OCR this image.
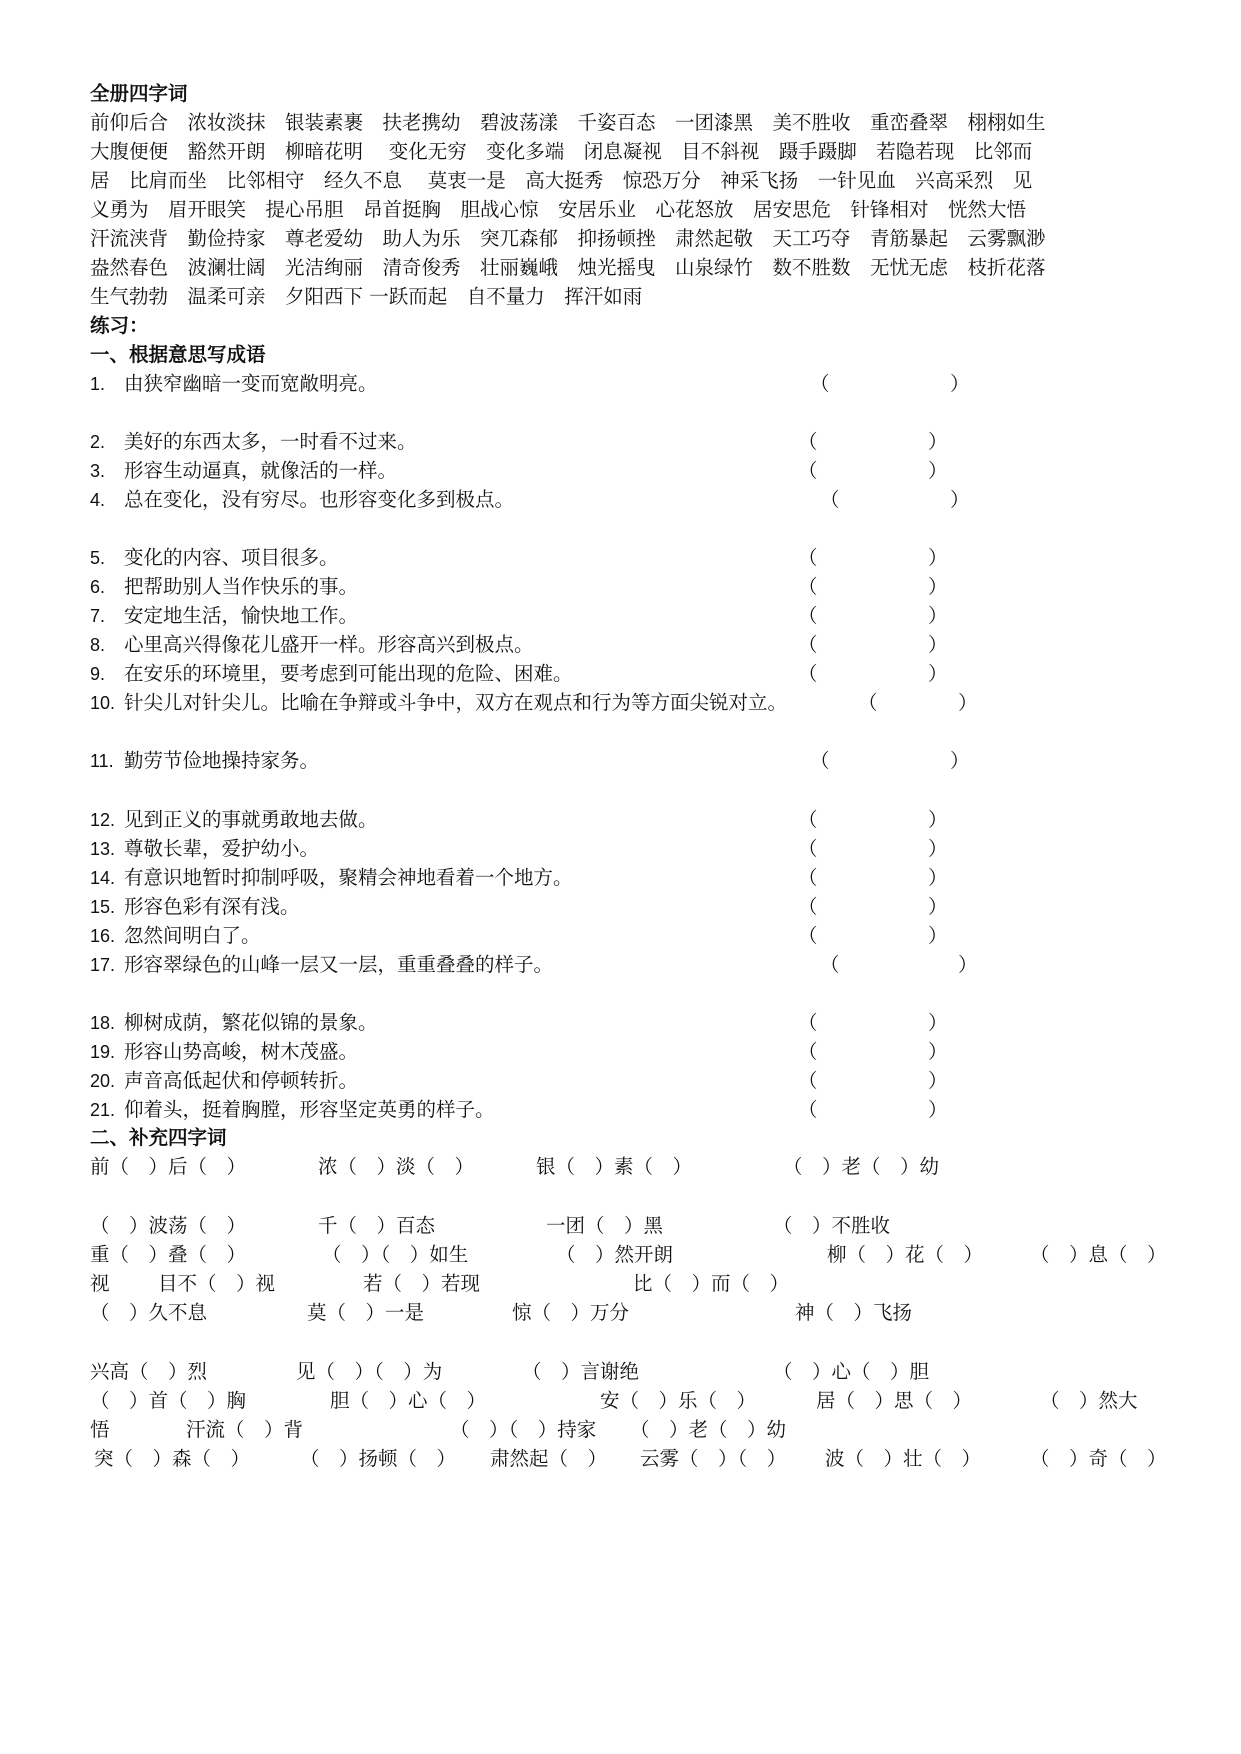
全册四字词
前仰后合　浓妆淡抹　银装素裹　扶老携幼　碧波荡漾　千姿百态　一团漆黑　美不胜收　重峦叠翠　栩栩如生
大腹便便　豁然开朗　柳暗花明　 变化无穷　变化多端　闭息凝视　目不斜视　蹑手蹑脚　若隐若现　比邻而
居　比肩而坐　比邻相守　经久不息　 莫衷一是　高大挺秀　惊恐万分　神采飞扬　一针见血　兴高采烈　见
义勇为　眉开眼笑　提心吊胆　昂首挺胸　胆战心惊　安居乐业　心花怒放　居安思危　针锋相对　恍然大悟
汗流浃背　勤俭持家　尊老爱幼　助人为乐　突兀森郁　抑扬顿挫　肃然起敬　天工巧夺　青筋暴起　云雾飘渺
盎然春色　波澜壮阔　光洁绚丽　清奇俊秀　壮丽巍峨　烛光摇曳　山泉绿竹　数不胜数　无忧无虑　枝折花落
生气勃勃　温柔可亲　夕阳西下 一跃而起　自不量力　挥汗如雨
练习：
一、根据意思写成语
1. 由狭窄幽暗一变而宽敞明亮。	（	）
2. 美好的东西太多，一时看不过来。	（	）
3. 形容生动逼真，就像活的一样。	（	）
4. 总在变化，没有穷尽。也形容变化多到极点。	（	）
5. 变化的内容、项目很多。	（	）
6. 把帮助别人当作快乐的事。	（	）
7. 安定地生活，愉快地工作。	（	）
8. 心里高兴得像花儿盛开一样。形容高兴到极点。	（	）
9. 在安乐的环境里，要考虑到可能出现的危险、困难。	（	）
10. 针尖儿对针尖儿。比喻在争辩或斗争中，双方在观点和行为等方面尖锐对立。	（	）
11. 勤劳节俭地操持家务。	（	）
12. 见到正义的事就勇敢地去做。	（	）
13. 尊敬长辈，爱护幼小。	（	）
14. 有意识地暂时抑制呼吸，聚精会神地看着一个地方。	（	）
15. 形容色彩有深有浅。	（	）
16. 忽然间明白了。	（	）
17. 形容翠绿色的山峰一层又一层，重重叠叠的样子。	（	）
18. 柳树成荫，繁花似锦的景象。	（	）
19. 形容山势高峻，树木茂盛。	（	）
20. 声音高低起伏和停顿转折。	（	）
21. 仰着头，挺着胸膛，形容坚定英勇的样子。	（	）
二、补充四字词
前（　）后（　）	浓（　）淡（　）	银（　）素（　）	（　）老（　）幼
（　）波荡（　）	千（　）百态	一团（　）黑	（　）不胜收
重（　）叠（　）	（　）（　）如生	（　）然开朗	柳（　）花（　） （　）息（　）
视 目不（　）视	若（　）若现	比（　）而（　）
（　）久不息	莫（　）一是	惊（　）万分	神（　）飞扬
兴高（　）烈	见（　）（　）为	（　）言谢绝	（　）心（　）胆
（　）首（　）胸	胆（　）心（　）	安（　）乐（　）	居（　）思（　）	（　）然大
悟	汗流（　）背	（　）（　）持家 （　）老（　）幼
突（　）森（　）	（　）扬顿（　） 肃然起（　） 云雾（　）（　） 波（　）壮（　）	（　）奇（　）
